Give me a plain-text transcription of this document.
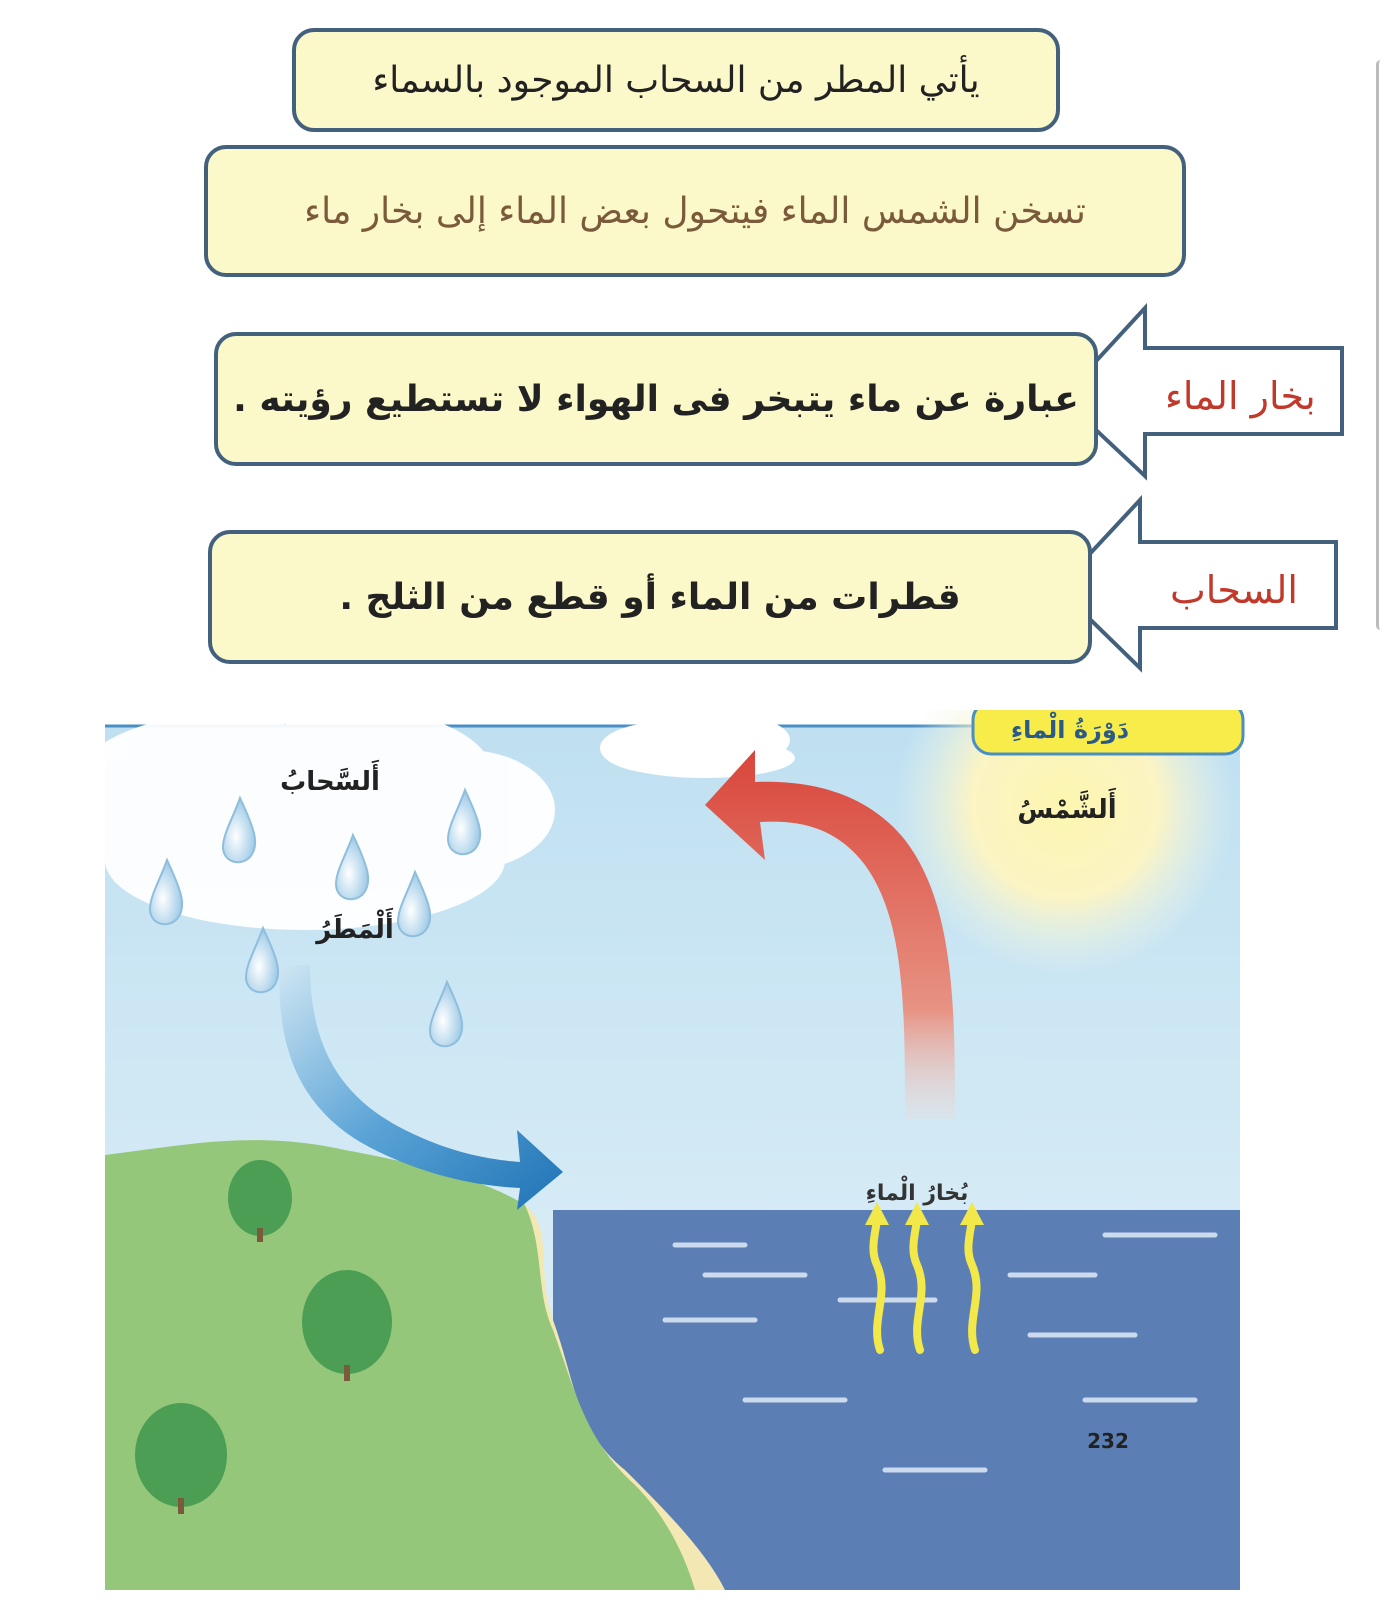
يأتي المطر من السحاب الموجود بالسماء
تسخن الشمس الماء فيتحول بعض الماء إلى بخار ماء
عبارة عن ماء يتبخر فى الهواء لا تستطيع رؤيته .
قطرات من الماء أو قطع من الثلج .
بخار الماء
السحاب
دَوْرَةُ الْماءِ
أَلسَّحابُ
أَلْمَطَرُ
أَلشَّمْسُ
بُخارُ الْماءِ
232
